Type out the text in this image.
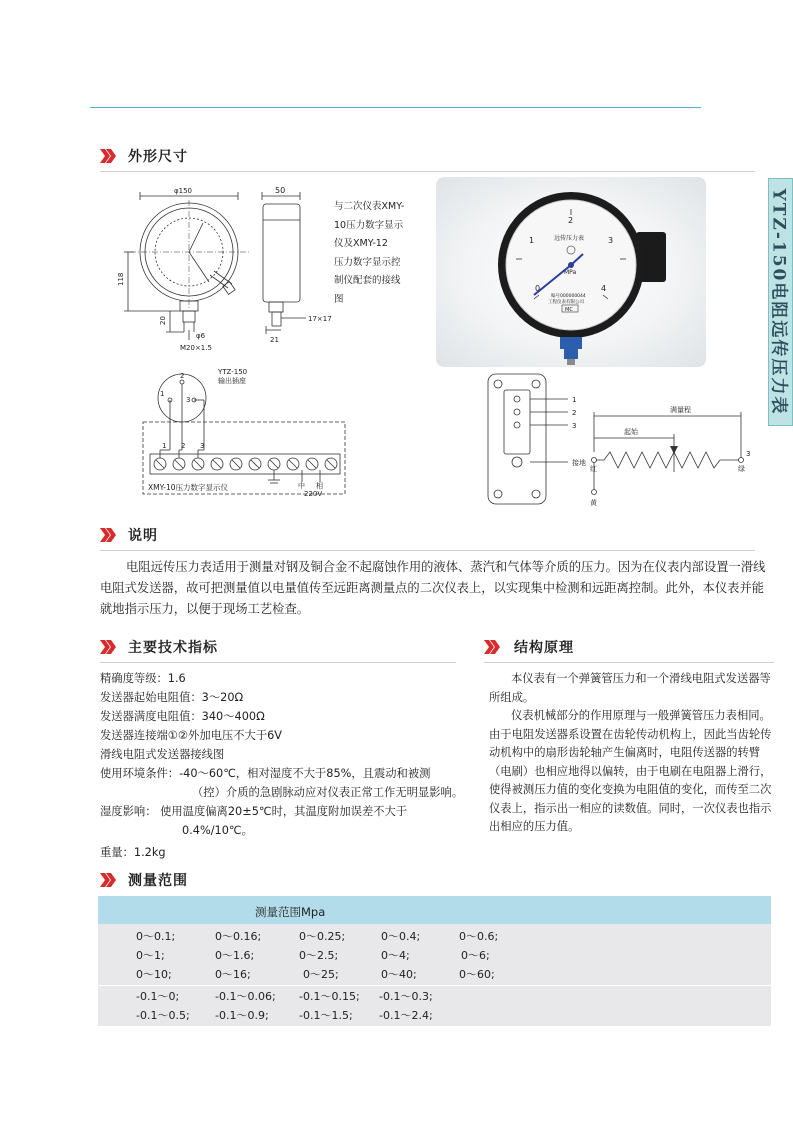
YTZ-150电阻远传压力表
外形尺寸
φ150	50
118
20
φ6
M20×1.5
21
17×17
与二次仪表XMY-
10压力数字显示
仪及XMY-12
压力数字显示控
制仪配套的接线
图
0
1
2
3
4
远传压力表
MPa
编号000000044
工程仪表有限公司
MC
2
1
3
YTZ-150
输出插座
1 2 3
XMY-10压力数字显示仪	中 相
220V
1
2
3
满量程
起始
接地
红
黄
绿
3
说明
电阻远传压力表适用于测量对钢及铜合金不起腐蚀作用的液体、蒸汽和气体等介质的压力。因为在仪表内部设置一滑线电阻式发送器，故可把测量值以电量值传至远距离测量点的二次仪表上，以实现集中检测和远距离控制。此外，本仪表并能就地指示压力，以便于现场工艺检查。
主要技术指标
精确度等级：1.6
发送器起始电阻值：3～20Ω
发送器满度电阻值：340～400Ω
发送器连接端①②外加电压不大于6V
滑线电阻式发送器接线图
使用环境条件：-40～60℃，相对湿度不大于85%，且震动和被测
（控）介质的急剧脉动应对仪表正常工作无明显影响。
湿度影响： 使用温度偏离20±5℃时，其温度附加误差不大于
0.4%/10℃。
重量：1.2kg
结构原理
本仪表有一个弹簧管压力和一个滑线电阻式发送器等所组成。
仪表机械部分的作用原理与一般弹簧管压力表相同。由于电阻发送器系设置在齿轮传动机构上，因此当齿轮传动机构中的扇形齿轮轴产生偏离时，电阻传送器的转臂（电刷）也相应地得以偏转，由于电刷在电阻器上滑行，使得被测压力值的变化变换为电阻值的变化，而传至二次仪表上，指示出一相应的读数值。同时，一次仪表也指示出相应的压力值。
测量范围
测量范围Mpa
0～0.1;	0～0.16;	0～0.25;	0～0.4;	0～0.6;
0～1;	0～1.6;	0～2.5;	0～4;	0～6;
0～10;	0～16;	0～25;	0～40;	0～60;
-0.1～0;	-0.1～0.06; -0.1～0.15; -0.1～0.3;
-0.1～0.5; -0.1～0.9;	-0.1～1.5; -0.1～2.4;
